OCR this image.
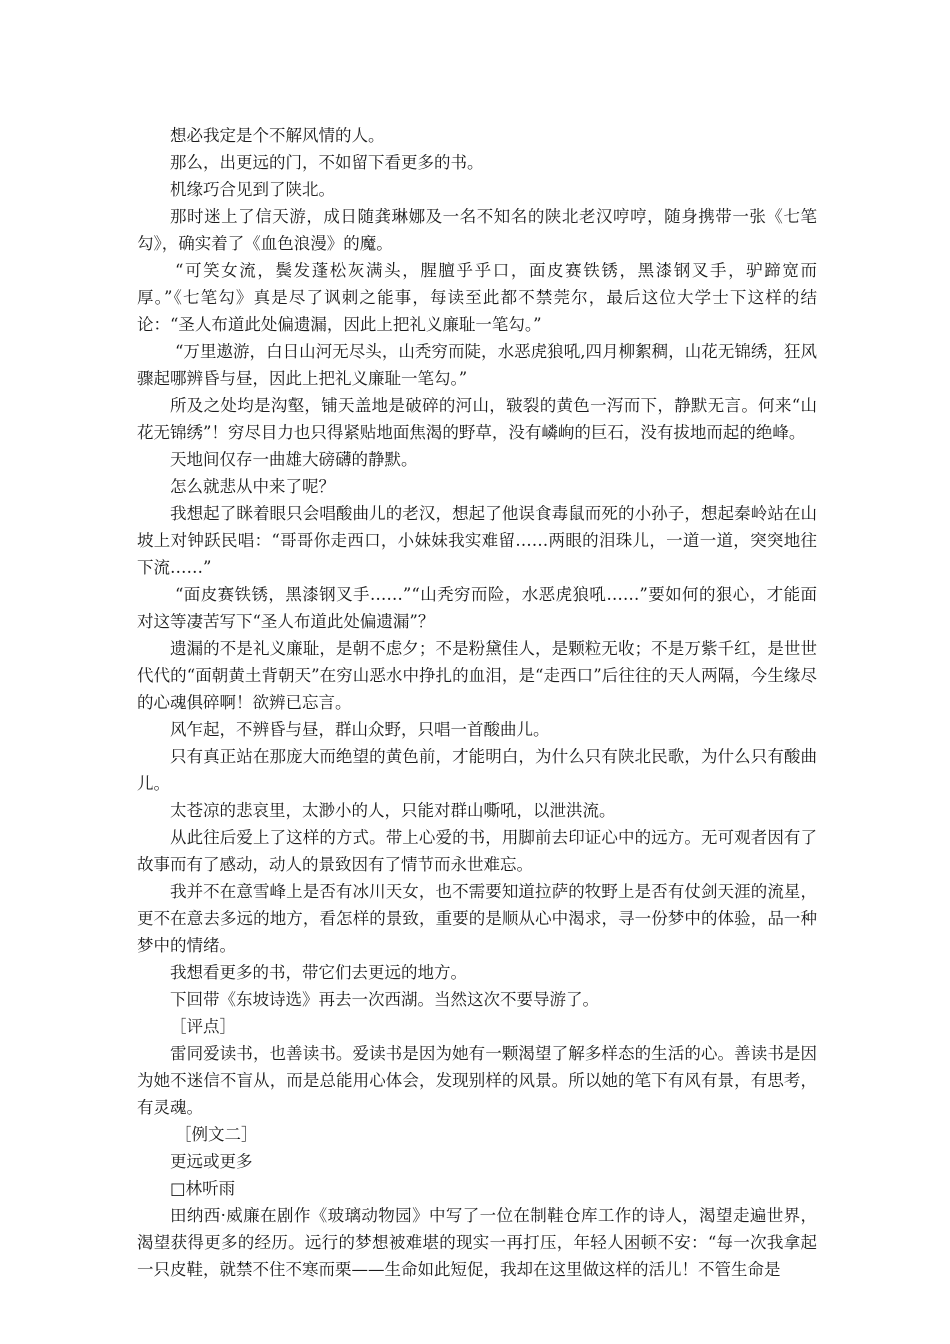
想必我定是个不解风情的人。

那么，出更远的门，不如留下看更多的书。

机缘巧合见到了陕北。

那时迷上了信天游，成日随龚琳娜及一名不知名的陕北老汉哼哼，随身携带一张《七笔勾》，确实着了《血色浪漫》的魔。

“可笑女流，鬓发蓬松灰满头，腥膻乎乎口，面皮赛铁锈，黑漆钢叉手，驴蹄宽而厚。”《七笔勾》真是尽了讽刺之能事，每读至此都不禁莞尔，最后这位大学士下这样的结论：“圣人布道此处偏遗漏，因此上把礼义廉耻一笔勾。”

“万里遨游，白日山河无尽头，山秃穷而陡，水恶虎狼吼,四月柳絮稠，山花无锦绣，狂风骤起哪辨昏与昼，因此上把礼义廉耻一笔勾。”

所及之处均是沟壑，铺天盖地是破碎的河山，皲裂的黄色一泻而下，静默无言。何来“山花无锦绣”！穷尽目力也只得紧贴地面焦渴的野草，没有嶙峋的巨石，没有拔地而起的绝峰。

天地间仅存一曲雄大磅礴的静默。

怎么就悲从中来了呢？

我想起了眯着眼只会唱酸曲儿的老汉，想起了他误食毒鼠而死的小孙子，想起秦岭站在山坡上对钟跃民唱：“哥哥你走西口，小妹妹我实难留……两眼的泪珠儿，一道一道，突突地往下流……”

“面皮赛铁锈，黑漆钢叉手……”“山秃穷而险，水恶虎狼吼……”要如何的狠心，才能面对这等凄苦写下“圣人布道此处偏遗漏”？

遗漏的不是礼义廉耻，是朝不虑夕；不是粉黛佳人，是颗粒无收；不是万紫千红，是世世代代的“面朝黄土背朝天”在穷山恶水中挣扎的血泪，是“走西口”后往往的天人两隔，今生缘尽的心魂俱碎啊！欲辨已忘言。

风乍起，不辨昏与昼，群山众野，只唱一首酸曲儿。

只有真正站在那庞大而绝望的黄色前，才能明白，为什么只有陕北民歌，为什么只有酸曲儿。

太苍凉的悲哀里，太渺小的人，只能对群山嘶吼，以泄洪流。

从此往后爱上了这样的方式。带上心爱的书，用脚前去印证心中的远方。无可观者因有了故事而有了感动，动人的景致因有了情节而永世难忘。

我并不在意雪峰上是否有冰川天女，也不需要知道拉萨的牧野上是否有仗剑天涯的流星，更不在意去多远的地方，看怎样的景致，重要的是顺从心中渴求，寻一份梦中的体验，品一种梦中的情绪。

我想看更多的书，带它们去更远的地方。

下回带《东坡诗选》再去一次西湖。当然这次不要导游了。

［评点］

雷同爱读书，也善读书。爱读书是因为她有一颗渴望了解多样态的生活的心。善读书是因为她不迷信不盲从，而是总能用心体会，发现别样的风景。所以她的笔下有风有景，有思考，有灵魂。

［例文二］

更远或更多

□林听雨

田纳西·威廉在剧作《玻璃动物园》中写了一位在制鞋仓库工作的诗人，渴望走遍世界，渴望获得更多的经历。远行的梦想被难堪的现实一再打压，年轻人困顿不安：“每一次我拿起一只皮鞋，就禁不住不寒而栗——生命如此短促，我却在这里做这样的活儿！不管生命是
